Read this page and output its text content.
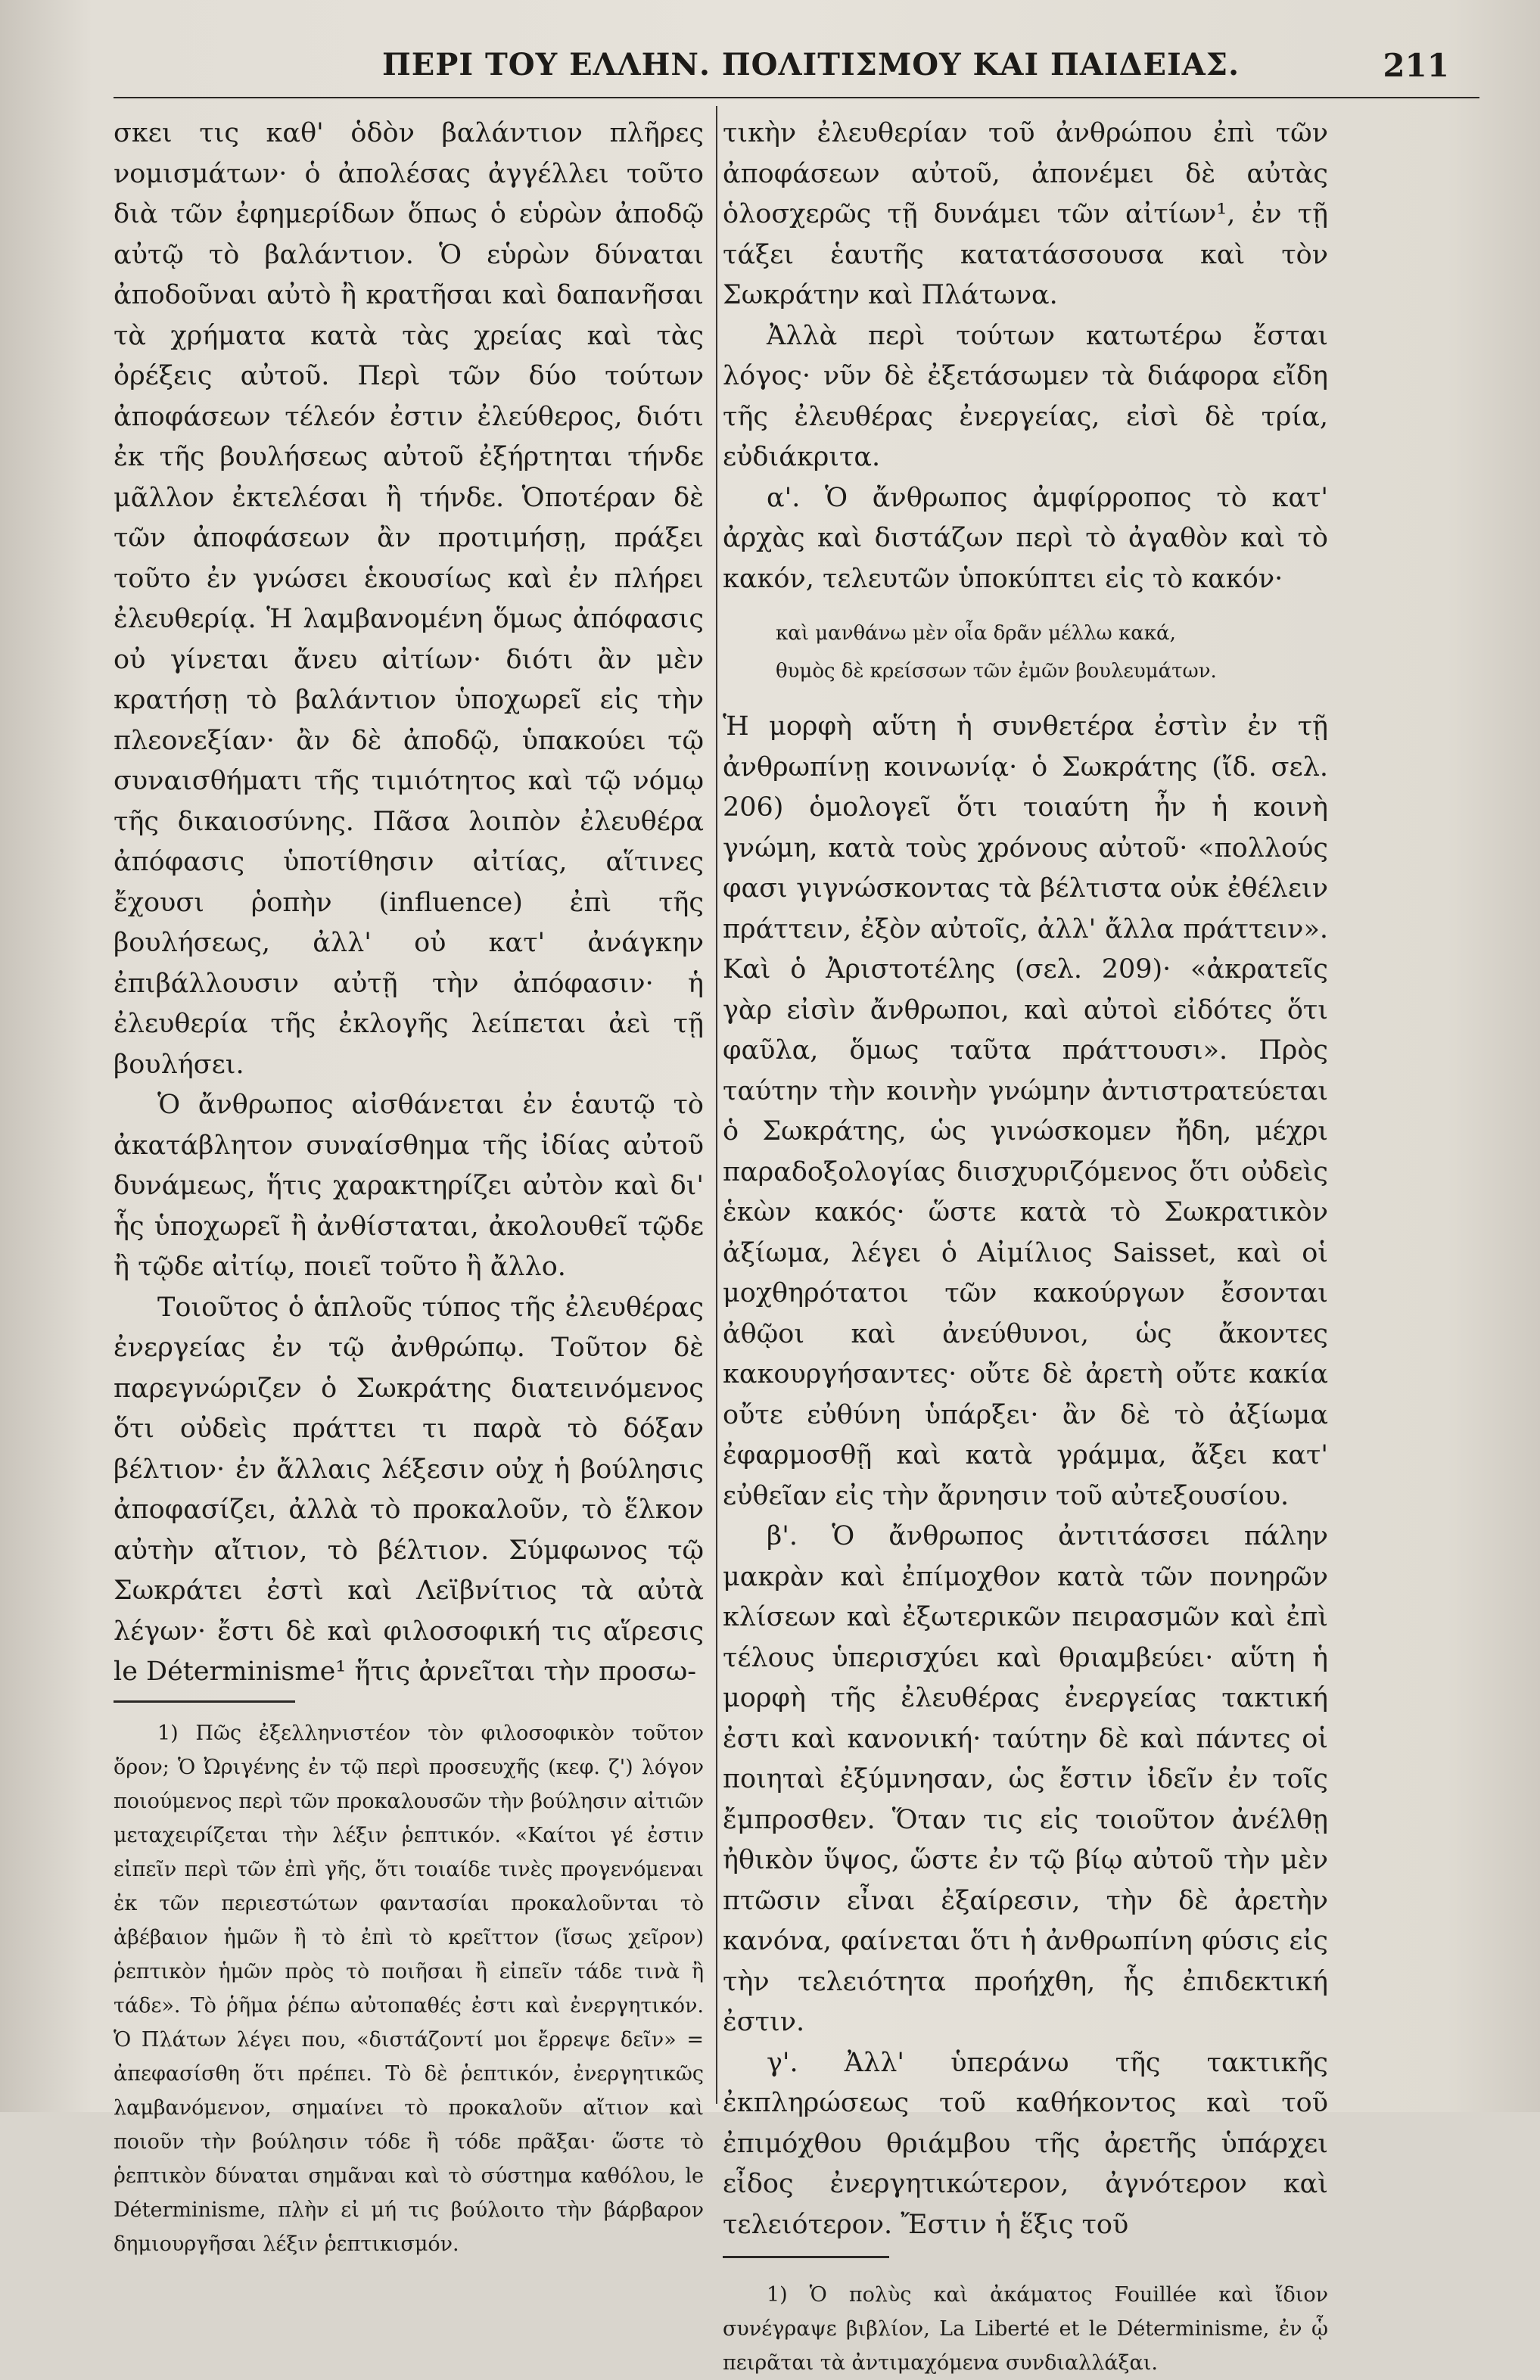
ΠΕΡΙ ΤΟΥ ΕΛΛΗΝ. ΠΟΛΙΤΙΣΜΟΥ ΚΑΙ ΠΑΙΔΕΙΑΣ.	211

σκει τις καθ' ὁδὸν βαλάντιον πλῆρες νομισμάτων· ὁ ἀπολέσας ἀγγέλλει τοῦτο διὰ τῶν ἐφημερίδων ὅπως ὁ εὑρὼν ἀποδῷ αὐτῷ τὸ βαλάντιον. Ὁ εὑρὼν δύναται ἀποδοῦναι αὐτὸ ἢ κρατῆσαι καὶ δαπανῆσαι τὰ χρήματα κατὰ τὰς χρείας καὶ τὰς ὀρέξεις αὐτοῦ. Περὶ τῶν δύο τούτων ἀποφάσεων τέλεόν ἐστιν ἐλεύθερος, διότι ἐκ τῆς βουλήσεως αὐτοῦ ἐξήρτηται τήνδε μᾶλλον ἐκτελέσαι ἢ τήνδε. Ὁποτέραν δὲ τῶν ἀποφάσεων ἂν προτιμήσῃ, πράξει τοῦτο ἐν γνώσει ἑκουσίως καὶ ἐν πλήρει ἐλευθερίᾳ. Ἡ λαμβανομένη ὅμως ἀπόφασις οὐ γίνεται ἄνευ αἰτίων· διότι ἂν μὲν κρατήσῃ τὸ βαλάντιον ὑποχωρεῖ εἰς τὴν πλεονεξίαν· ἂν δὲ ἀποδῷ, ὑπακούει τῷ συναισθήματι τῆς τιμιότητος καὶ τῷ νόμῳ τῆς δικαιοσύνης. Πᾶσα λοιπὸν ἐλευθέρα ἀπόφασις ὑποτίθησιν αἰτίας, αἵτινες ἔχουσι ῥοπὴν (influence) ἐπὶ τῆς βουλήσεως, ἀλλ' οὐ κατ' ἀνάγκην ἐπιβάλλουσιν αὐτῇ τὴν ἀπόφασιν· ἡ ἐλευθερία τῆς ἐκλογῆς λείπεται ἀεὶ τῇ βουλήσει.

Ὁ ἄνθρωπος αἰσθάνεται ἐν ἑαυτῷ τὸ ἀκατάβλητον συναίσθημα τῆς ἰδίας αὐτοῦ δυνάμεως, ἥτις χαρακτηρίζει αὐτὸν καὶ δι' ἧς ὑποχωρεῖ ἢ ἀνθίσταται, ἀκολουθεῖ τῷδε ἢ τῷδε αἰτίῳ, ποιεῖ τοῦτο ἢ ἄλλο.

Τοιοῦτος ὁ ἁπλοῦς τύπος τῆς ἐλευθέρας ἐνεργείας ἐν τῷ ἀνθρώπῳ. Τοῦτον δὲ παρεγνώριζεν ὁ Σωκράτης διατεινόμενος ὅτι οὐδεὶς πράττει τι παρὰ τὸ δόξαν βέλτιον· ἐν ἄλλαις λέξεσιν οὐχ ἡ βούλησις ἀποφασίζει, ἀλλὰ τὸ προκαλοῦν, τὸ ἕλκον αὐτὴν αἴτιον, τὸ βέλτιον. Σύμφωνος τῷ Σωκράτει ἐστὶ καὶ Λεϊβνίτιος τὰ αὐτὰ λέγων· ἔστι δὲ καὶ φιλοσοφική τις αἵρεσις le Déterminisme¹ ἥτις ἀρνεῖται τὴν προσω-

1) Πῶς ἐξελληνιστέον τὸν φιλοσοφικὸν τοῦτον ὅρον; Ὁ Ὠριγένης ἐν τῷ περὶ προσευχῆς (κεφ. ζ') λόγον ποιούμενος περὶ τῶν προκαλουσῶν τὴν βούλησιν αἰτιῶν μεταχειρίζεται τὴν λέξιν ῥεπτικόν. «Καίτοι γέ ἐστιν εἰπεῖν περὶ τῶν ἐπὶ γῆς, ὅτι τοιαίδε τινὲς προγενόμεναι ἐκ τῶν περιεστώτων φαντασίαι προκαλοῦνται τὸ ἀβέβαιον ἡμῶν ἢ τὸ ἐπὶ τὸ κρεῖττον (ἴσως χεῖρον) ῥεπτικὸν ἡμῶν πρὸς τὸ ποιῆσαι ἢ εἰπεῖν τάδε τινὰ ἢ τάδε». Τὸ ῥῆμα ῥέπω αὐτοπαθές ἐστι καὶ ἐνεργητικόν. Ὁ Πλάτων λέγει που, «διστάζοντί μοι ἔρρεψε δεῖν» = ἀπεφασίσθη ὅτι πρέπει. Τὸ δὲ ῥεπτικόν, ἐνεργητικῶς λαμβανόμενον, σημαίνει τὸ προκαλοῦν αἴτιον καὶ ποιοῦν τὴν βούλησιν τόδε ἢ τόδε πρᾶξαι· ὥστε τὸ ῥεπτικὸν δύναται σημᾶναι καὶ τὸ σύστημα καθόλου, le Déterminisme, πλὴν εἰ μή τις βούλοιτο τὴν βάρβαρον δημιουργῆσαι λέξιν ῥεπτικισμόν.

τικὴν ἐλευθερίαν τοῦ ἀνθρώπου ἐπὶ τῶν ἀποφάσεων αὐτοῦ, ἀπονέμει δὲ αὐτὰς ὁλοσχερῶς τῇ δυνάμει τῶν αἰτίων¹, ἐν τῇ τάξει ἑαυτῆς κατατάσσουσα καὶ τὸν Σωκράτην καὶ Πλάτωνα.

Ἀλλὰ περὶ τούτων κατωτέρω ἔσται λόγος· νῦν δὲ ἐξετάσωμεν τὰ διάφορα εἴδη τῆς ἐλευθέρας ἐνεργείας, εἰσὶ δὲ τρία, εὐδιάκριτα.

α'. Ὁ ἄνθρωπος ἀμφίρροπος τὸ κατ' ἀρχὰς καὶ διστάζων περὶ τὸ ἀγαθὸν καὶ τὸ κακόν, τελευτῶν ὑποκύπτει εἰς τὸ κακόν·

καὶ μανθάνω μὲν οἷα δρᾶν μέλλω κακά,

θυμὸς δὲ κρείσσων τῶν ἐμῶν βουλευμάτων.

Ἡ μορφὴ αὕτη ἡ συνθετέρα ἐστὶν ἐν τῇ ἀνθρωπίνῃ κοινωνίᾳ· ὁ Σωκράτης (ἴδ. σελ. 206) ὁμολογεῖ ὅτι τοιαύτη ἦν ἡ κοινὴ γνώμη, κατὰ τοὺς χρόνους αὐτοῦ· «πολλούς φασι γιγνώσκοντας τὰ βέλτιστα οὐκ ἐθέλειν πράττειν, ἐξὸν αὐτοῖς, ἀλλ' ἄλλα πράττειν». Καὶ ὁ Ἀριστοτέλης (σελ. 209)· «ἀκρατεῖς γὰρ εἰσὶν ἄνθρωποι, καὶ αὐτοὶ εἰδότες ὅτι φαῦλα, ὅμως ταῦτα πράττουσι». Πρὸς ταύτην τὴν κοινὴν γνώμην ἀντιστρατεύεται ὁ Σωκράτης, ὡς γινώσκομεν ἤδη, μέχρι παραδοξολογίας διισχυριζόμενος ὅτι οὐδεὶς ἑκὼν κακός· ὥστε κατὰ τὸ Σωκρατικὸν ἀξίωμα, λέγει ὁ Αἰμίλιος Saisset, καὶ οἱ μοχθηρότατοι τῶν κακούργων ἔσονται ἀθῷοι καὶ ἀνεύθυνοι, ὡς ἄκοντες κακουργήσαντες· οὔτε δὲ ἀρετὴ οὔτε κακία οὔτε εὐθύνη ὑπάρξει· ἂν δὲ τὸ ἀξίωμα ἐφαρμοσθῇ καὶ κατὰ γράμμα, ἄξει κατ' εὐθεῖαν εἰς τὴν ἄρνησιν τοῦ αὐτεξουσίου.

β'. Ὁ ἄνθρωπος ἀντιτάσσει πάλην μακρὰν καὶ ἐπίμοχθον κατὰ τῶν πονηρῶν κλίσεων καὶ ἐξωτερικῶν πειρασμῶν καὶ ἐπὶ τέλους ὑπερισχύει καὶ θριαμβεύει· αὕτη ἡ μορφὴ τῆς ἐλευθέρας ἐνεργείας τακτική ἐστι καὶ κανονική· ταύτην δὲ καὶ πάντες οἱ ποιηταὶ ἐξύμνησαν, ὡς ἔστιν ἰδεῖν ἐν τοῖς ἔμπροσθεν. Ὅταν τις εἰς τοιοῦτον ἀνέλθῃ ἠθικὸν ὕψος, ὥστε ἐν τῷ βίῳ αὐτοῦ τὴν μὲν πτῶσιν εἶναι ἐξαίρεσιν, τὴν δὲ ἀρετὴν κανόνα, φαίνεται ὅτι ἡ ἀνθρωπίνη φύσις εἰς τὴν τελειότητα προήχθη, ἧς ἐπιδεκτική ἐστιν.

γ'. Ἀλλ' ὑπεράνω τῆς τακτικῆς ἐκπληρώσεως τοῦ καθήκοντος καὶ τοῦ ἐπιμόχθου θριάμβου τῆς ἀρετῆς ὑπάρχει εἶδος ἐνεργητικώτερον, ἀγνότερον καὶ τελειότερον. Ἔστιν ἡ ἕξις τοῦ

1) Ὁ πολὺς καὶ ἀκάματος Fouillée καὶ ἴδιον συνέγραψε βιβλίον, La Liberté et le Déterminisme, ἐν ᾧ πειρᾶται τὰ ἀντιμαχόμενα συνδιαλλάξαι.
